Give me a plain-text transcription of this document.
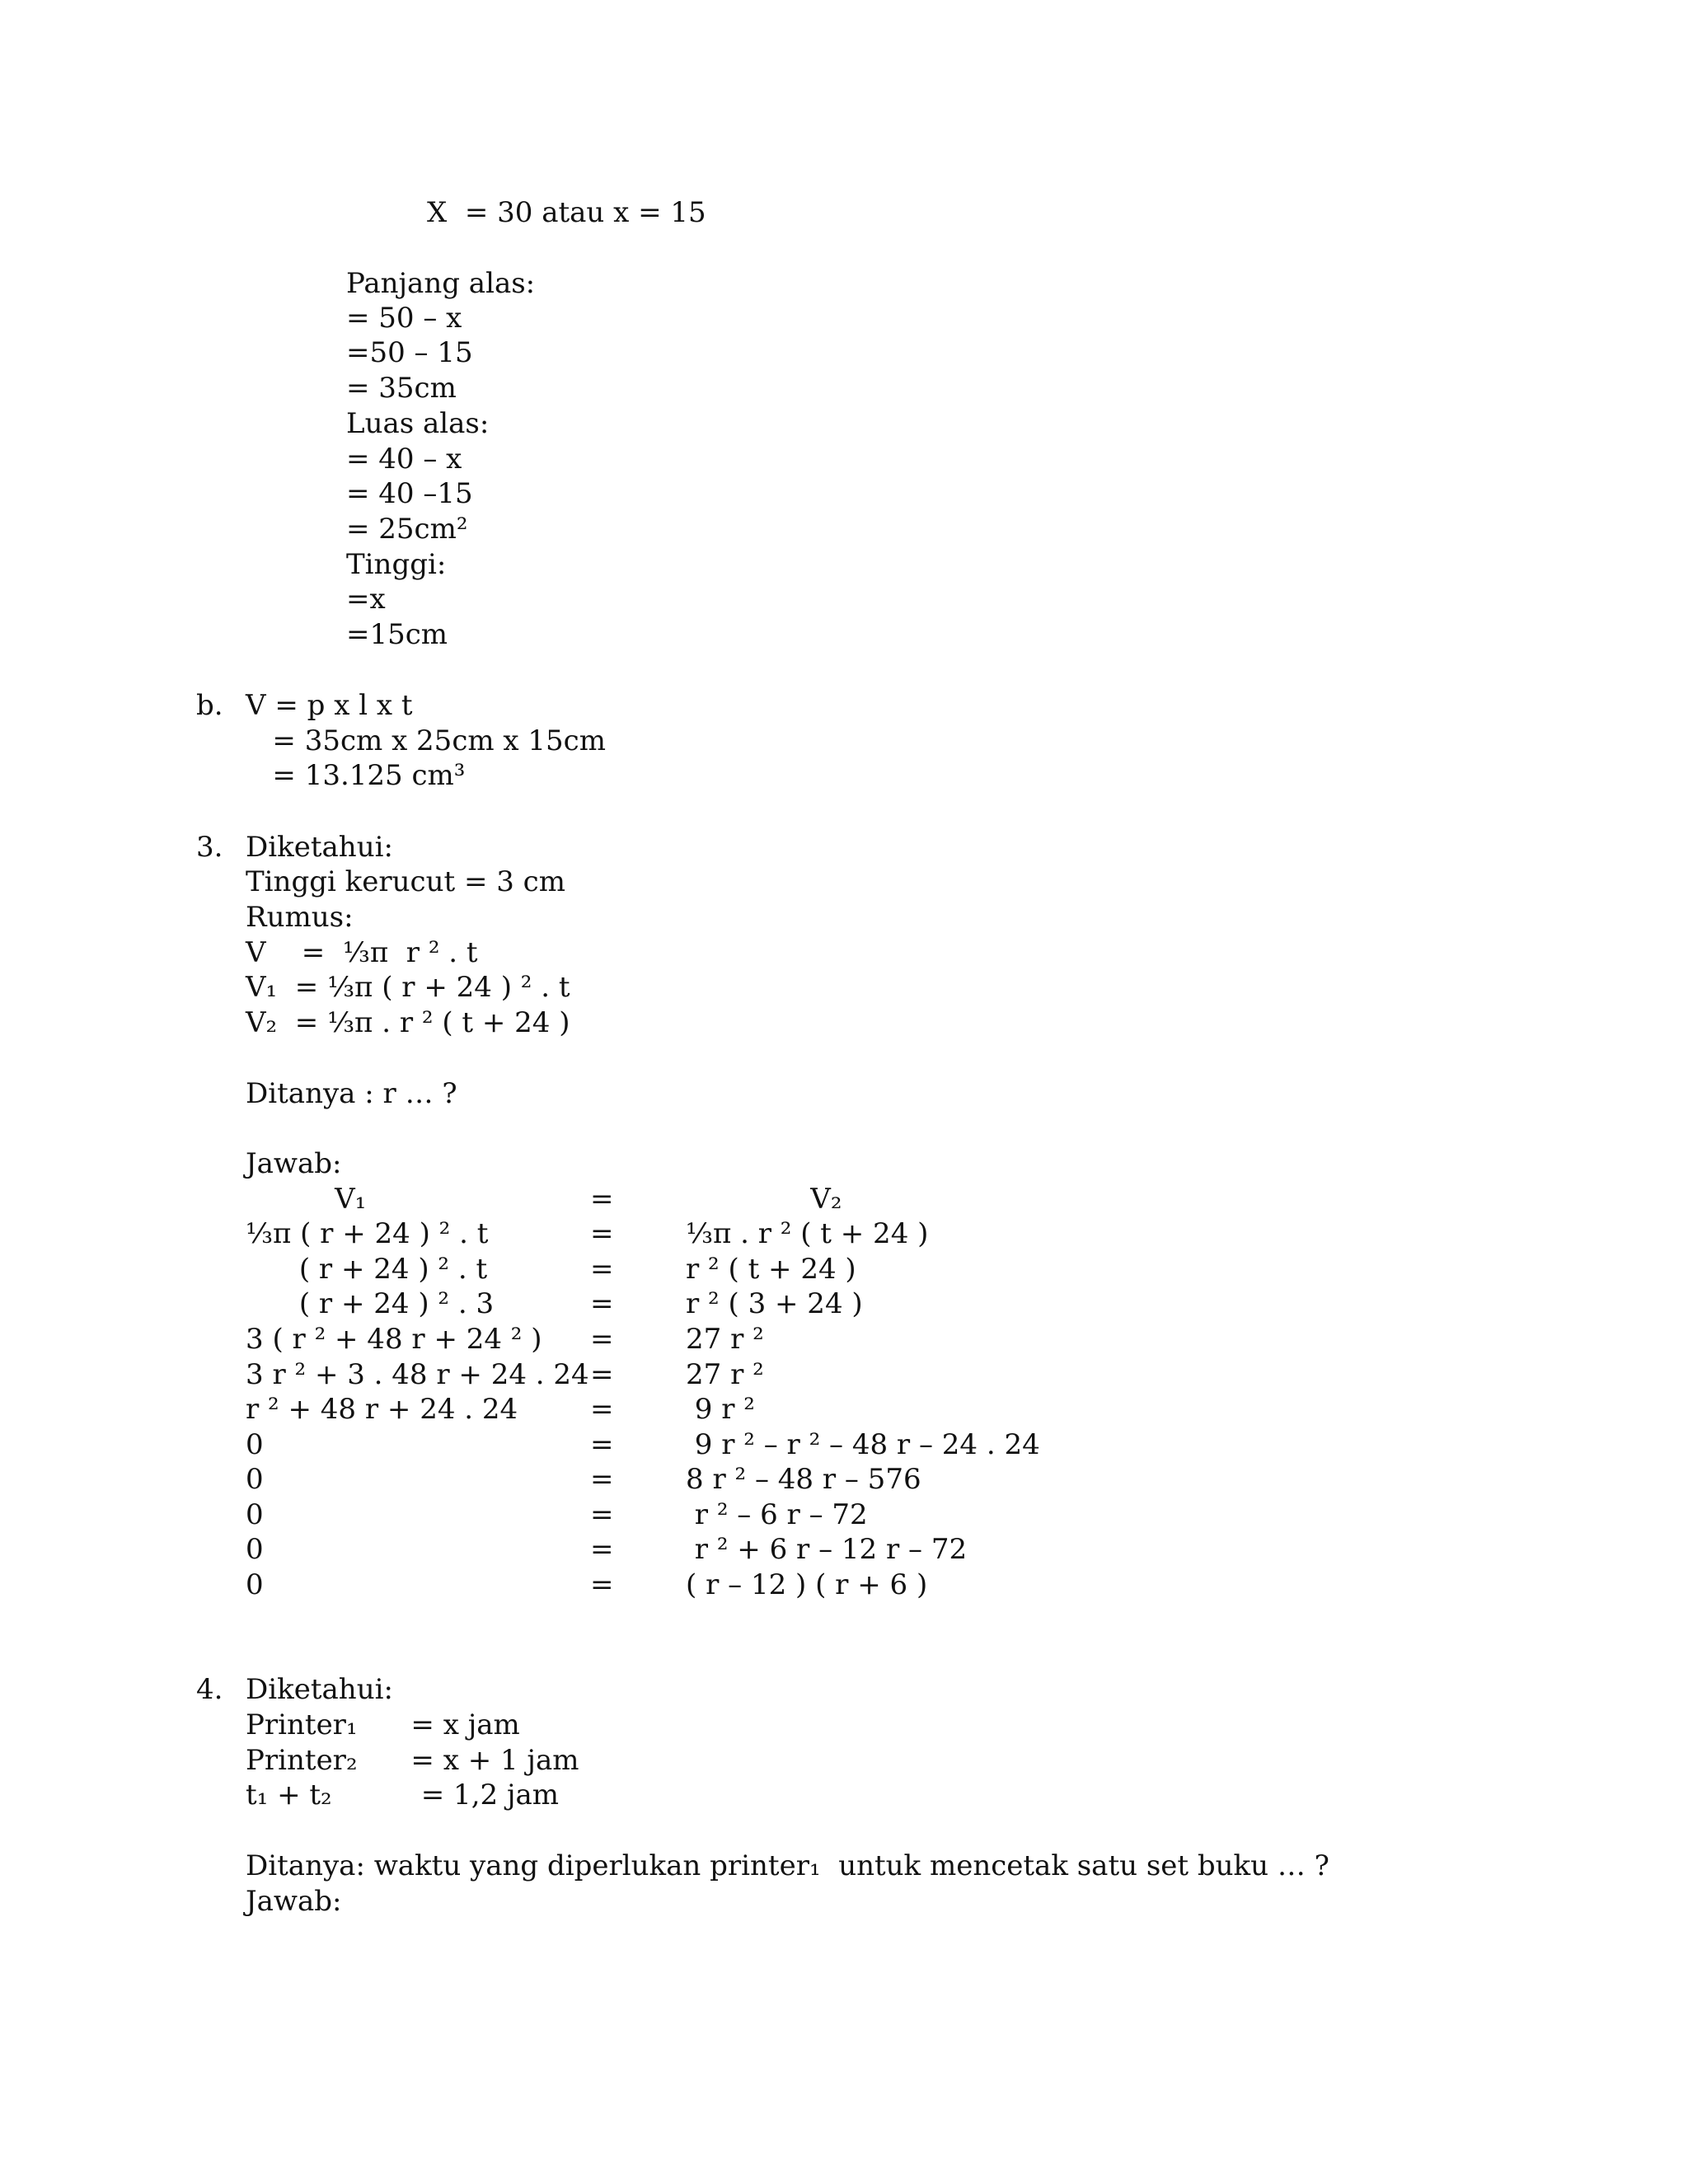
X  = 30 atau x = 15
Panjang alas:
= 50 – x
=50 – 15
= 35cm
Luas alas:
= 40 – x
= 40 –15
= 25cm²
Tinggi:
=x
=15cm
b. V = p x l x t
= 35cm x 25cm x 15cm
= 13.125 cm³
3. Diketahui:
Tinggi kerucut = 3 cm
Rumus:
V    =  ⅓π  r ² . t
V₁  = ⅓π ( r + 24 ) ² . t
V₂  = ⅓π . r ² ( t + 24 )
Ditanya : r … ?
Jawab:
V₁	=	V₂
⅓π ( r + 24 ) ² . t	=	⅓π . r ² ( t + 24 )
( r + 24 ) ² . t	=	r ² ( t + 24 )
( r + 24 ) ² . 3	=	r ² ( 3 + 24 )
3 ( r ² + 48 r + 24 ² ) =	27 r ²
3 r ² + 3 . 48 r + 24 . 24 =	27 r ²
r ² + 48 r + 24 . 24	=	9 r ²
0	=	9 r ² – r ² – 48 r – 24 . 24
0	=	8 r ² – 48 r – 576
0	=	r ² – 6 r – 72
0	=	r ² + 6 r – 12 r – 72
0	=	( r – 12 ) ( r + 6 )
4. Diketahui:
Printer₁      = x jam
Printer₂      = x + 1 jam
t₁ + t₂          = 1,2 jam
Ditanya: waktu yang diperlukan printer₁  untuk mencetak satu set buku … ?
Jawab:
